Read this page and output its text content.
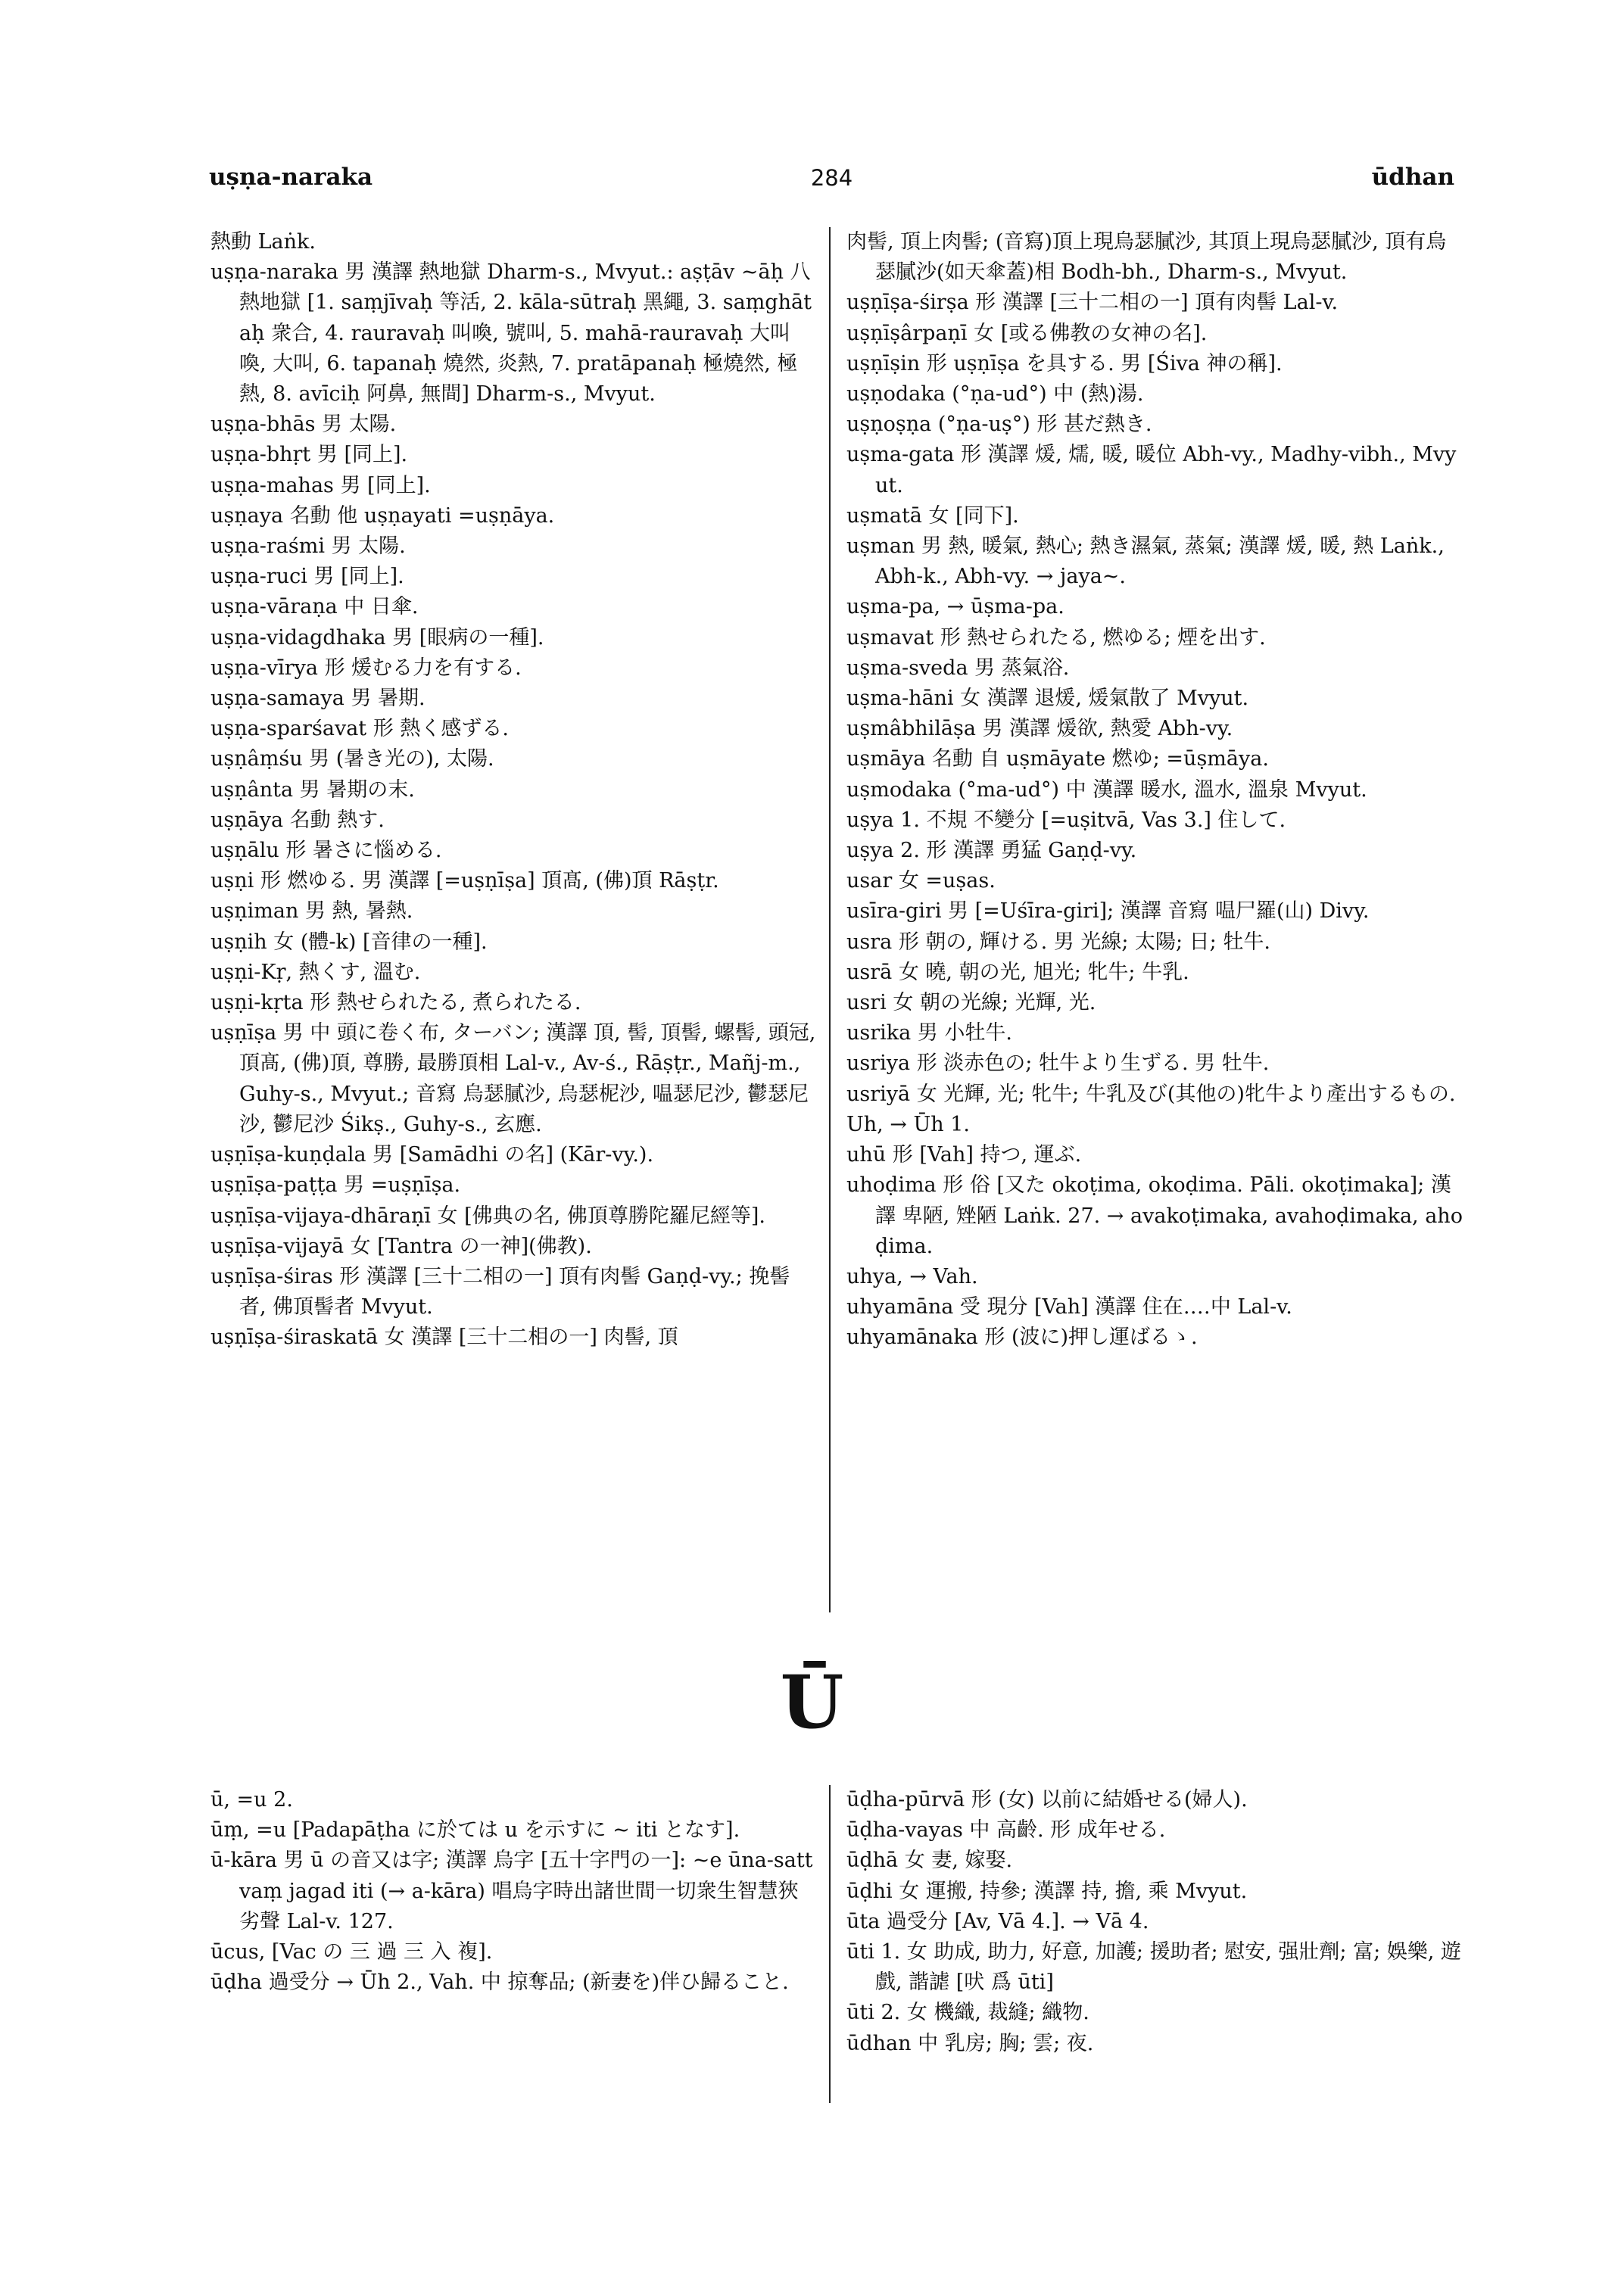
uṣṇa-naraka	284	ūdhan
熱動 Laṅk.
uṣṇa-naraka 男 漢譯 熱地獄 Dharm-s., Mvyut.: aṣṭāv ~āḥ 八熱地獄 [1. saṃjīvaḥ 等活, 2. kāla-sūtraḥ 黑繩, 3. saṃghātaḥ 衆合, 4. rauravaḥ 叫喚, 號叫, 5. mahā-rauravaḥ 大叫喚, 大叫, 6. tapanaḥ 燒然, 炎熱, 7. pratāpanaḥ 極燒然, 極熱, 8. avīciḥ 阿鼻, 無間] Dharm-s., Mvyut.
uṣṇa-bhās 男 太陽.
uṣṇa-bhṛt 男 [同上].
uṣṇa-mahas 男 [同上].
uṣṇaya 名動 他 uṣṇayati =uṣṇāya.
uṣṇa-raśmi 男 太陽.
uṣṇa-ruci 男 [同上].
uṣṇa-vāraṇa 中 日傘.
uṣṇa-vidagdhaka 男 [眼病の一種].
uṣṇa-vīrya 形 煖むる力を有する.
uṣṇa-samaya 男 暑期.
uṣṇa-sparśavat 形 熱く感ずる.
uṣṇâṃśu 男 (暑き光の), 太陽.
uṣṇânta 男 暑期の末.
uṣṇāya 名動 熱す.
uṣṇālu 形 暑さに惱める.
uṣṇi 形 燃ゆる. 男 漢譯 [=uṣṇīṣa] 頂髙, (佛)頂 Rāṣṭr.
uṣṇiman 男 熱, 暑熱.
uṣṇih 女 (體-k) [音律の一種].
uṣṇi-Kṛ, 熱くす, 溫む.
uṣṇi-kṛta 形 熱せられたる, 煮られたる.
uṣṇīṣa 男 中 頭に卷く布, ターバン; 漢譯 頂, 髻, 頂髻, 螺髻, 頭冠, 頂髙, (佛)頂, 尊勝, 最勝頂相 Lal-v., Av-ś., Rāṣṭr., Mañj-m., Guhy-s., Mvyut.; 音寫 烏瑟膩沙, 烏瑟柅沙, 嗢瑟尼沙, 鬱瑟尼沙, 鬱尼沙 Śikṣ., Guhy-s., 玄應.
uṣṇīṣa-kuṇḍala 男 [Samādhi の名] (Kār-vy.).
uṣṇīṣa-paṭṭa 男 =uṣṇīṣa.
uṣṇīṣa-vijaya-dhāraṇī 女 [佛典の名, 佛頂尊勝陀羅尼經等].
uṣṇīṣa-vijayā 女 [Tantra の一神](佛教).
uṣṇīṣa-śiras 形 漢譯 [三十二相の一] 頂有肉髻 Gaṇḍ-vy.; 挽髻者, 佛頂髻者 Mvyut.
uṣṇīṣa-śiraskatā 女 漢譯 [三十二相の一] 肉髻, 頂
肉髻, 頂上肉髻; (音寫)頂上現烏瑟膩沙, 其頂上現烏瑟膩沙, 頂有烏瑟膩沙(如天傘蓋)相 Bodh-bh., Dharm-s., Mvyut.
uṣṇīṣa-śirṣa 形 漢譯 [三十二相の一] 頂有肉髻 Lal-v.
uṣṇīṣârpaṇī 女 [或る佛教の女神の名].
uṣṇīṣin 形 uṣṇīṣa を具する. 男 [Śiva 神の稱].
uṣṇodaka (°ṇa-ud°) 中 (熱)湯.
uṣṇoṣṇa (°ṇa-uṣ°) 形 甚だ熱き.
uṣma-gata 形 漢譯 煖, 燸, 暖, 暖位 Abh-vy., Madhy-vibh., Mvyut.
uṣmatā 女 [同下].
uṣman 男 熱, 暖氣, 熱心; 熱き濕氣, 蒸氣; 漢譯 煖, 暖, 熱 Laṅk., Abh-k., Abh-vy. → jaya~.
uṣma-pa, → ūṣma-pa.
uṣmavat 形 熱せられたる, 燃ゆる; 煙を出す.
uṣma-sveda 男 蒸氣浴.
uṣma-hāni 女 漢譯 退煖, 煖氣散了 Mvyut.
uṣmâbhilāṣa 男 漢譯 煖欲, 熱愛 Abh-vy.
uṣmāya 名動 自 uṣmāyate 燃ゆ; =ūṣmāya.
uṣmodaka (°ma-ud°) 中 漢譯 暖水, 溫水, 溫泉 Mvyut.
uṣya 1. 不規 不變分 [=uṣitvā, Vas 3.] 住して.
uṣya 2. 形 漢譯 勇猛 Gaṇḍ-vy.
usar 女 =uṣas.
usīra-giri 男 [=Uśīra-giri]; 漢譯 音寫 嗢尸羅(山) Divy.
usra 形 朝の, 輝ける. 男 光線; 太陽; 日; 牡牛.
usrā 女 曉, 朝の光, 旭光; 牝牛; 牛乳.
usri 女 朝の光線; 光輝, 光.
usrika 男 小牡牛.
usriya 形 淡赤色の; 牡牛より生ずる. 男 牡牛.
usriyā 女 光輝, 光; 牝牛; 牛乳及び(其他の)牝牛より產出するもの.
Uh, → Ūh 1.
uhū 形 [Vah] 持つ, 運ぶ.
uhoḍima 形 俗 [又た okoṭima, okoḍima. Pāli. okoṭimaka]; 漢譯 卑陋, 矬陋 Laṅk. 27. → avakoṭimaka, avahoḍimaka, ahoḍima.
uhya, → Vah.
uhyamāna 受 現分 [Vah] 漢譯 住在‥‥中 Lal-v.
uhyamānaka 形 (波に)押し運ばるゝ.
Ū
ū, =u 2.
ūṃ, =u [Padapāṭha に於ては u を示すに ~ iti となす].
ū-kāra 男 ū の音又は字; 漢譯 烏字 [五十字門の一]: ~e ūna-sattvaṃ jagad iti (→ a-kāra) 唱烏字時出諸世間一切衆生智慧狹劣聲 Lal-v. 127.
ūcus, [Vac の 三 過 三 入 複].
ūḍha 過受分 → Ūh 2., Vah. 中 掠奪品; (新妻を)伴ひ歸ること.
ūḍha-pūrvā 形 (女) 以前に結婚せる(婦人).
ūḍha-vayas 中 高齡. 形 成年せる.
ūḍhā 女 妻, 嫁娶.
ūḍhi 女 運搬, 持參; 漢譯 持, 擔, 乘 Mvyut.
ūta 過受分 [Av, Vā 4.]. → Vā 4.
ūti 1. 女 助成, 助力, 好意, 加護; 援助者; 慰安, 强壯劑; 富; 娛樂, 遊戲, 諧謔 [吠 爲 ūti]
ūti 2. 女 機織, 裁縫; 織物.
ūdhan 中 乳房; 胸; 雲; 夜.
